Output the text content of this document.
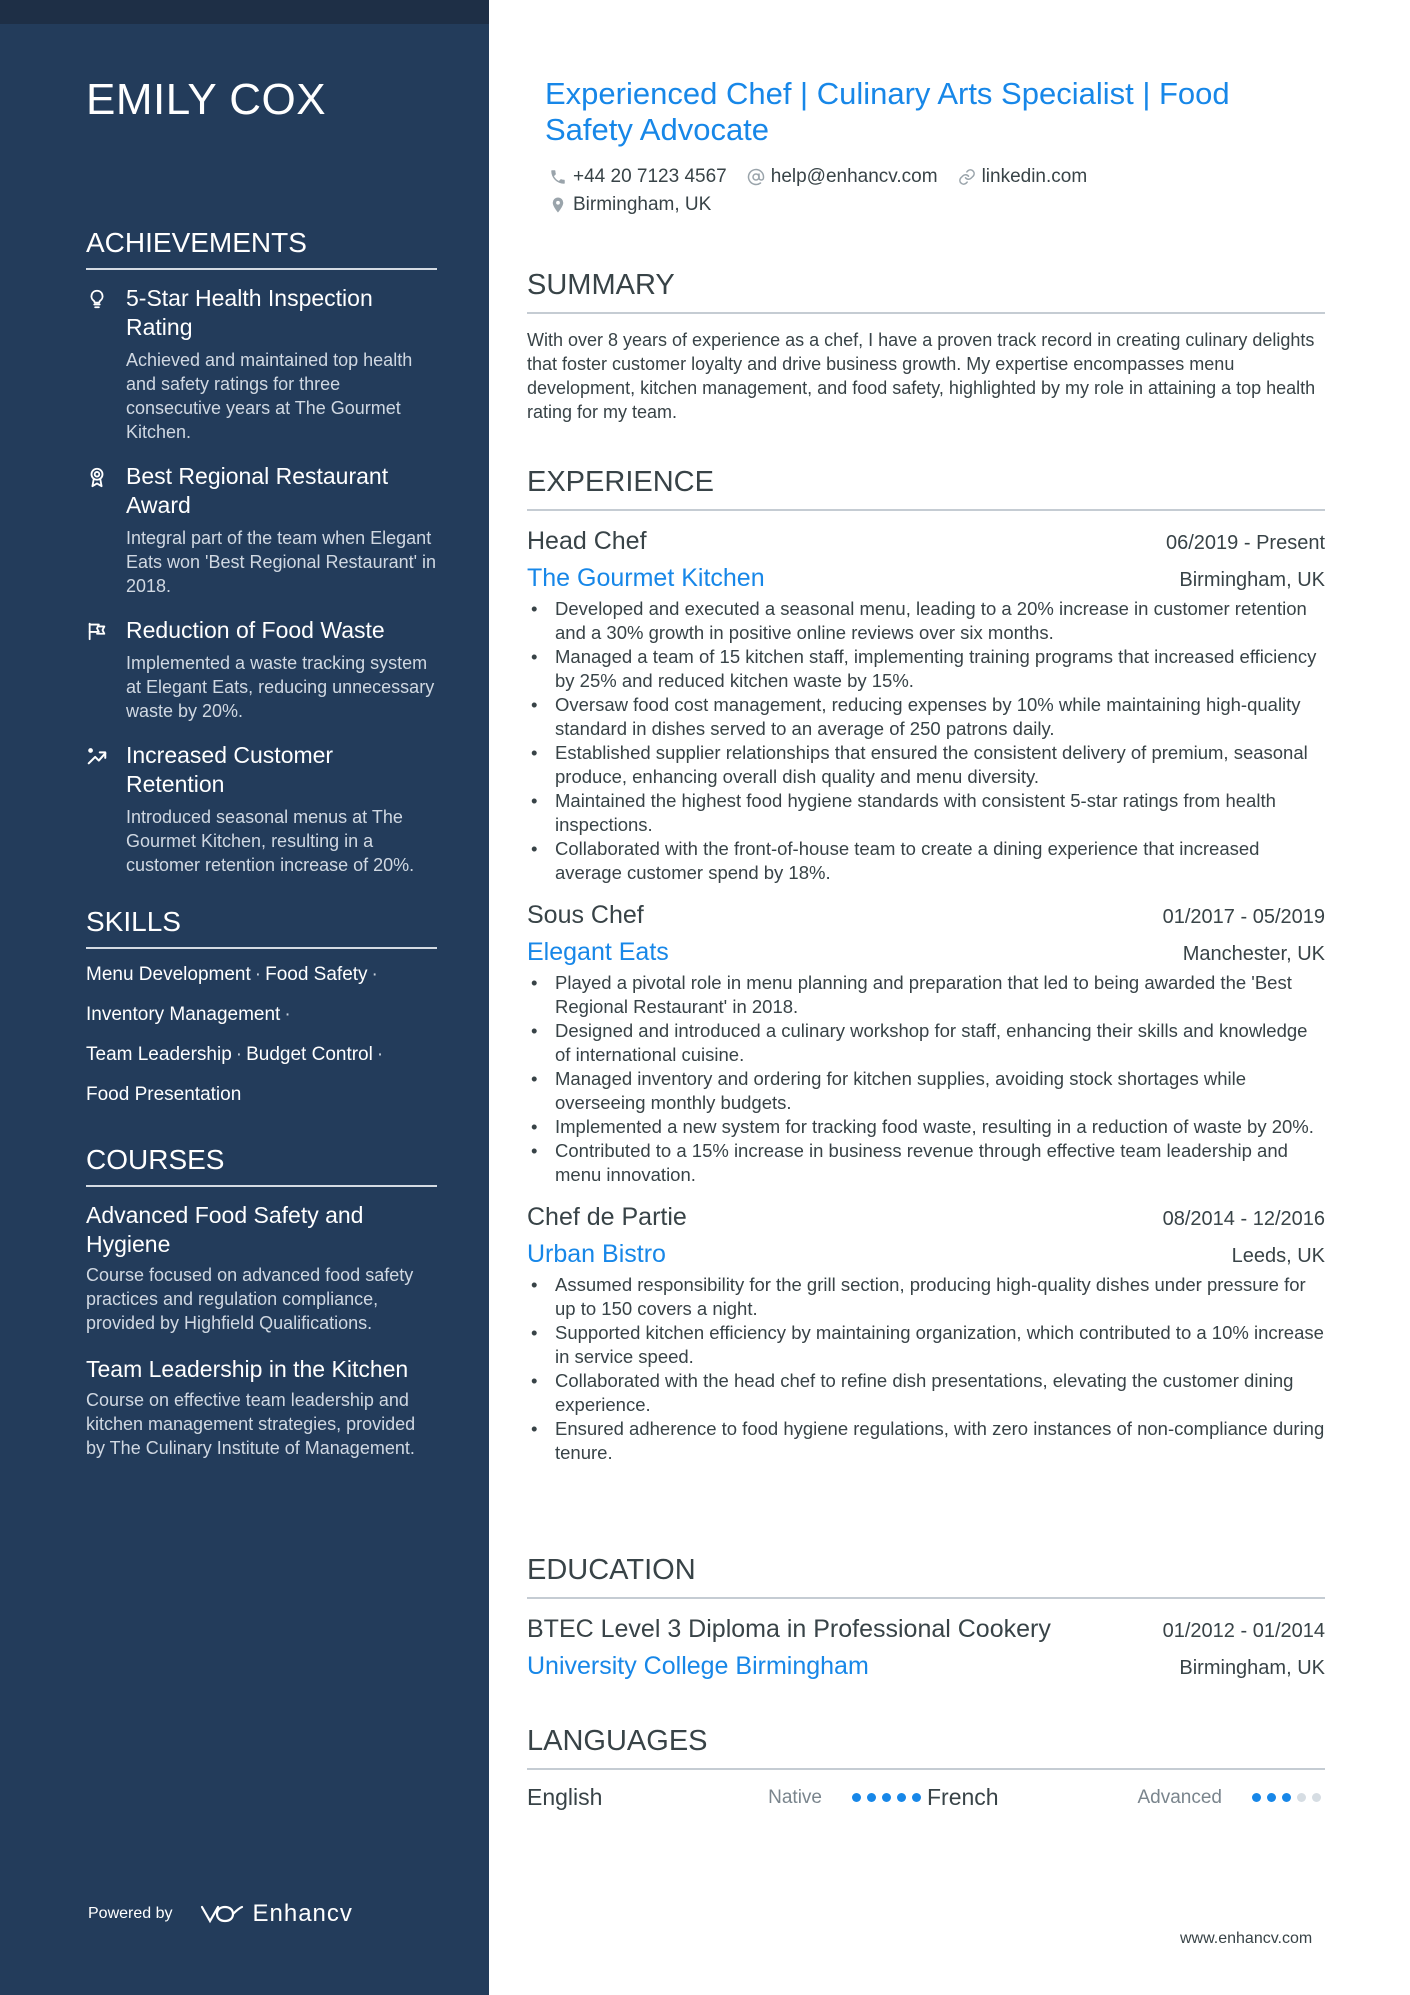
EMILY COX
ACHIEVEMENTS
5-Star Health Inspection Rating
Achieved and maintained top health and safety ratings for three consecutive years at The Gourmet Kitchen.
Best Regional Restaurant Award
Integral part of the team when Elegant Eats won 'Best Regional Restaurant' in 2018.
Reduction of Food Waste
Implemented a waste tracking system at Elegant Eats, reducing unnecessary waste by 20%.
Increased Customer Retention
Introduced seasonal menus at The Gourmet Kitchen, resulting in a customer retention increase of 20%.
SKILLS
Menu Development · Food Safety ·
Inventory Management ·
Team Leadership · Budget Control ·
Food Presentation
COURSES
Advanced Food Safety and Hygiene
Course focused on advanced food safety practices and regulation compliance, provided by Highfield Qualifications.
Team Leadership in the Kitchen
Course on effective team leadership and kitchen management strategies, provided by The Culinary Institute of Management.
Powered by	Enhancv
Experienced Chef | Culinary Arts Specialist | Food Safety Advocate
+44 20 7123 4567 help@enhancv.com linkedin.com
Birmingham, UK
SUMMARY
With over 8 years of experience as a chef, I have a proven track record in creating culinary delights that foster customer loyalty and drive business growth. My expertise encompasses menu development, kitchen management, and food safety, highlighted by my role in attaining a top health rating for my team.
EXPERIENCE
Head Chef	06/2019 - Present
The Gourmet Kitchen	Birmingham, UK
• Developed and executed a seasonal menu, leading to a 20% increase in customer retention and a 30% growth in positive online reviews over six months.
• Managed a team of 15 kitchen staff, implementing training programs that increased efficiency by 25% and reduced kitchen waste by 15%.
• Oversaw food cost management, reducing expenses by 10% while maintaining high-quality standard in dishes served to an average of 250 patrons daily.
• Established supplier relationships that ensured the consistent delivery of premium, seasonal produce, enhancing overall dish quality and menu diversity.
• Maintained the highest food hygiene standards with consistent 5-star ratings from health inspections.
• Collaborated with the front-of-house team to create a dining experience that increased average customer spend by 18%.
Sous Chef	01/2017 - 05/2019
Elegant Eats	Manchester, UK
• Played a pivotal role in menu planning and preparation that led to being awarded the 'Best Regional Restaurant' in 2018.
• Designed and introduced a culinary workshop for staff, enhancing their skills and knowledge of international cuisine.
• Managed inventory and ordering for kitchen supplies, avoiding stock shortages while overseeing monthly budgets.
• Implemented a new system for tracking food waste, resulting in a reduction of waste by 20%.
• Contributed to a 15% increase in business revenue through effective team leadership and menu innovation.
Chef de Partie	08/2014 - 12/2016
Urban Bistro	Leeds, UK
• Assumed responsibility for the grill section, producing high-quality dishes under pressure for up to 150 covers a night.
• Supported kitchen efficiency by maintaining organization, which contributed to a 10% increase in service speed.
• Collaborated with the head chef to refine dish presentations, elevating the customer dining experience.
• Ensured adherence to food hygiene regulations, with zero instances of non-compliance during tenure.
EDUCATION
BTEC Level 3 Diploma in Professional Cookery	01/2012 - 01/2014
University College Birmingham	Birmingham, UK
LANGUAGES
English	Native	French	Advanced
www.enhancv.com
